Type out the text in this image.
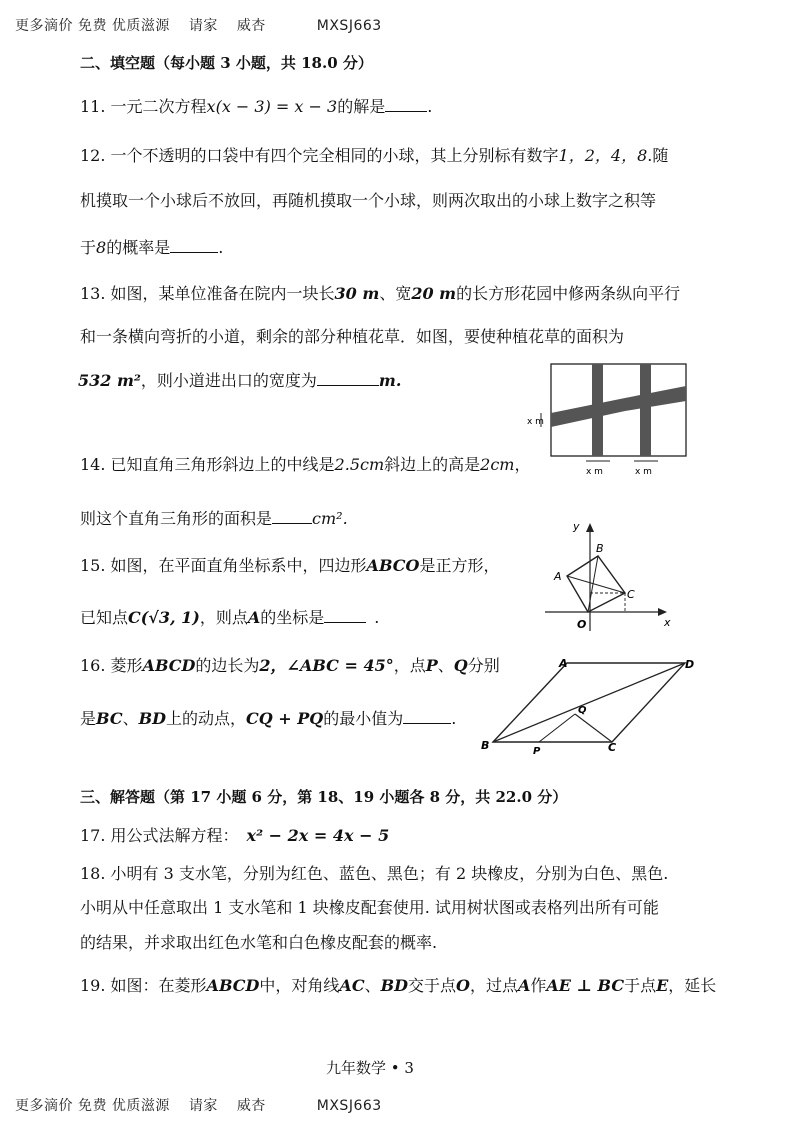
更多滴价 免费 优质滋源 请家 威杏	MXSJ663
二、填空题（每小题 3 小题，共 18.0 分）
11. 一元二次方程x(x − 3) = x − 3的解是	.
12. 一个不透明的口袋中有四个完全相同的小球，其上分别标有数字1，2，4，8.随
机摸取一个小球后不放回，再随机摸取一个小球，则两次取出的小球上数字之积等
于8的概率是	.
13. 如图，某单位准备在院内一块长30 m、宽20 m的长方形花园中修两条纵向平行
和一条横向弯折的小道，剩余的部分种植花草．如图，要使种植花草的面积为
532 m²，则小道进出口的宽度为	m.
x m
x m	x m
14. 已知直角三角形斜边上的中线是2.5cm斜边上的高是2cm，
则这个直角三角形的面积是	cm².
15. 如图，在平面直角坐标系中，四边形ABCO是正方形，
已知点C(√3, 1)，则点A的坐标是	.
y
x
O
A
B
C
16. 菱形ABCD的边长为2，∠ABC = 45°，点P、Q分别
是BC、BD上的动点，CQ + PQ的最小值为	.
A	D
B	C
P
Q
三、解答题（第 17 小题 6 分，第 18、19 小题各 8 分，共 22.0 分）
17. 用公式法解方程： x² − 2x = 4x − 5
18. 小明有 3 支水笔，分别为红色、蓝色、黑色；有 2 块橡皮，分别为白色、黑色.
小明从中任意取出 1 支水笔和 1 块橡皮配套使用. 试用树状图或表格列出所有可能
的结果，并求取出红色水笔和白色橡皮配套的概率.
19. 如图：在菱形ABCD中，对角线AC、BD交于点O，过点A作AE ⊥ BC于点E，延长
九年数学 • 3
更多滴价 免费 优质滋源 请家 威杏	MXSJ663
